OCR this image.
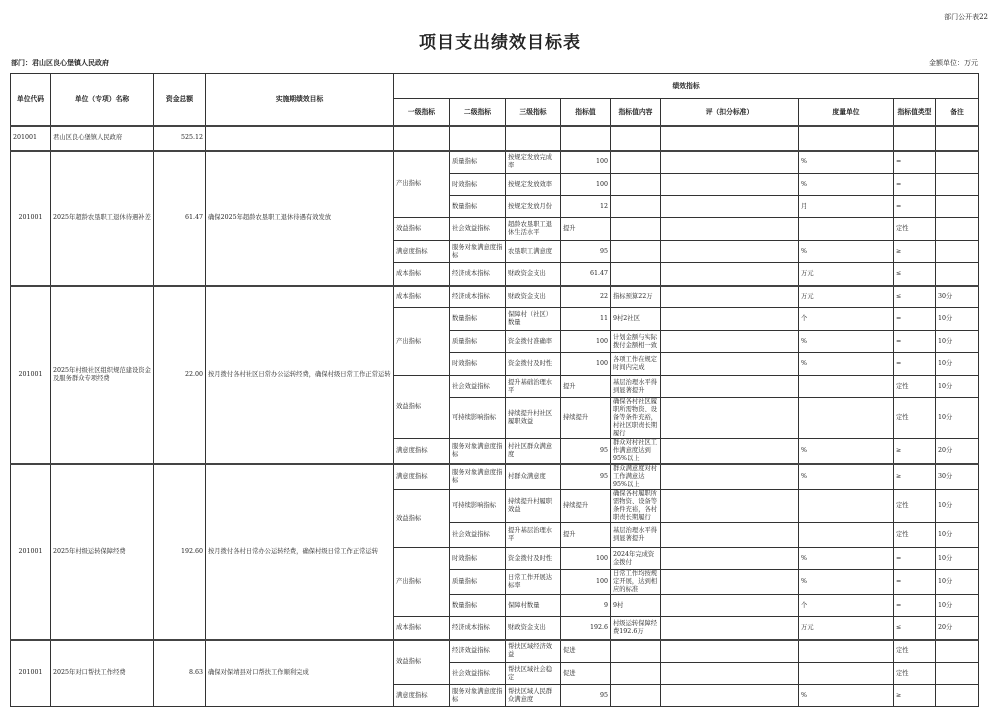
部门公开表22
项目支出绩效目标表
部门：君山区良心堡镇人民政府	金额单位：万元
单位代码	单位（专项）名称	资金总额	实施期绩效目标	绩效指标								
				一级指标	二级指标	三级指标	指标值	指标值内容	评（扣分标准）	度量单位	指标值类型	备注
201001	君山区良心堡镇人民政府	525.12										
201001	2025年超龄农垦职工退休待遇补差	61.47	确保2025年超龄农垦职工退休待遇有效发放	产出指标	质量指标	按规定发放完成率	100			%	=	
					时效指标	按规定发放效率	100			%	=	
					数量指标	按规定发放月份	12			月	=	
				效益指标	社会效益指标	超龄农垦职工退休生活水平	提升				定性	
				满意度指标	服务对象满意度指标	农垦职工满意度	95			%	≥	
				成本指标	经济成本指标	财政资金支出	61.47			万元	≤	
201001	2025年村级社区组织规范建设资金及服务群众专项经费	22.00	按月拨付各村社区日常办公运转经费，确保村级日常工作正常运转	成本指标	经济成本指标	财政资金支出	22	指标预算22万		万元	≤	30分
				产出指标	数量指标	保障村（社区）数量	11	9村2社区		个	=	10分
					质量指标	资金拨付准确率	100	计划金额与实际拨付金额相一致		%	=	10分
					时效指标	资金拨付及时性	100	各项工作在规定时间内完成		%	=	10分
				效益指标	社会效益指标	提升基础治理水平	提升	基层治理水平得到显著提升			定性	10分
					可持续影响指标	持续提升村社区履职效益	持续提升	确保各村社区履职所需物资、设备等条件充裕，村社区职责长期履行			定性	10分
				满意度指标	服务对象满意度指标	村社区群众满意度	95	群众对村社区工作满意度达到95%以上		%	≥	20分
201001	2025年村级运转保障经费	192.60	按月拨付各村日常办公运转经费，确保村级日常工作正常运转	满意度指标	服务对象满意度指标	村群众满意度	95	群众满意度对村工作满意达95%以上		%	≥	30分
				效益指标	可持续影响指标	持续提升村履职效益	持续提升	确保各村履职所需物资、设备等条件充裕，各村职责长期履行			定性	10分
					社会效益指标	提升基层治理水平	提升	基层治理水平得到显著提升			定性	10分
				产出指标	时效指标	资金拨付及时性	100	2024年完成资金拨付		%	=	10分
					质量指标	日常工作开展达标率	100	日常工作均按规定开展，达到相应的标准		%	=	10分
					数量指标	保障村数量	9	9村		个	=	10分
				成本指标	经济成本指标	财政资金支出	192.6	村级运转保障经费192.6万		万元	≤	20分
201001	2025年对口帮扶工作经费	8.63	确保对保靖县对口帮扶工作顺利完成	效益指标	经济效益指标	帮扶区域经济效益	促进				定性	
					社会效益指标	帮扶区域社会稳定	促进				定性	
				满意度指标	服务对象满意度指标	帮扶区域人民群众满意度	95			%	≥	
